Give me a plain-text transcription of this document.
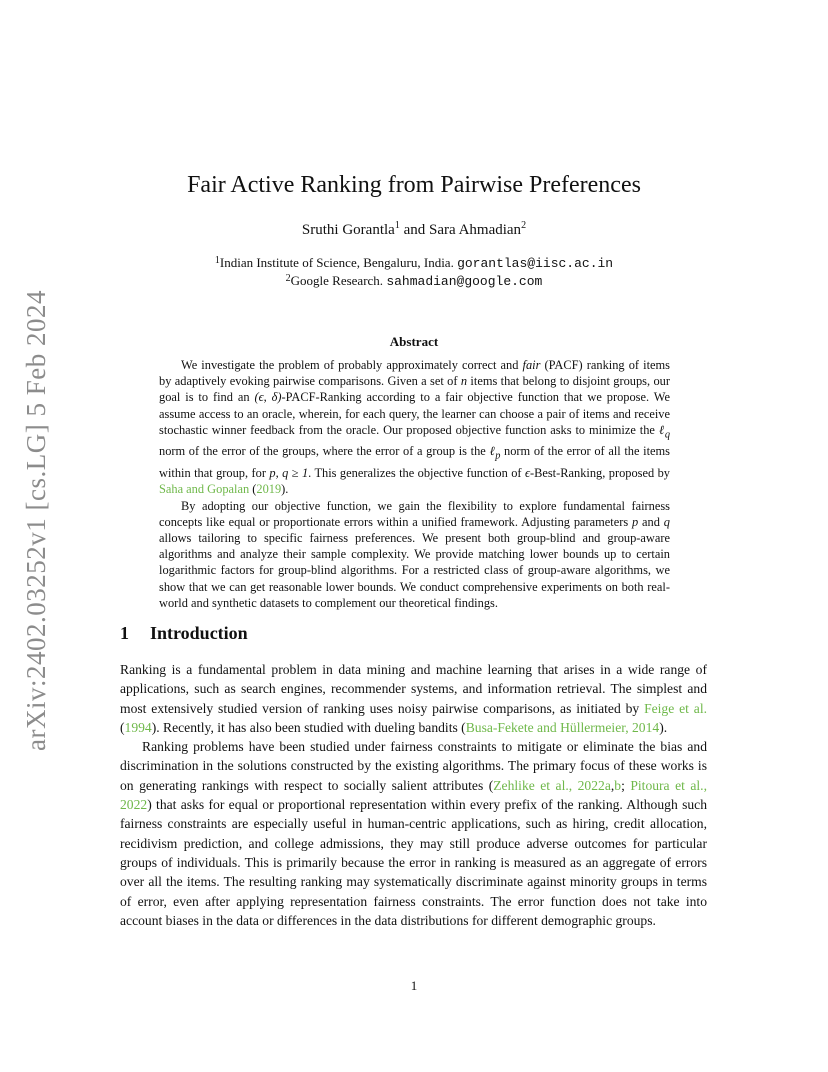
arXiv:2402.03252v1 [cs.LG] 5 Feb 2024
Fair Active Ranking from Pairwise Preferences
Sruthi Gorantla$^1$ and Sara Ahmadian$^2$
$^1$Indian Institute of Science, Bengaluru, India. gorantlas@iisc.ac.in
$^2$Google Research. sahmadian@google.com
Abstract

We investigate the problem of probably approximately correct and fair (PACF) ranking of items by adaptively evoking pairwise comparisons. Given a set of n items that belong to disjoint groups, our goal is to find an (ϵ, δ)-PACF-Ranking according to a fair objective function that we propose. We assume access to an oracle, wherein, for each query, the learner can choose a pair of items and receive stochastic winner feedback from the oracle. Our proposed objective function asks to minimize the ℓ$_q$ norm of the error of the groups, where the error of a group is the ℓ$_p$ norm of the error of all the items within that group, for p, q ≥ 1. This generalizes the objective function of ϵ-Best-Ranking, proposed by Saha and Gopalan (2019).

By adopting our objective function, we gain the flexibility to explore fundamental fairness concepts like equal or proportionate errors within a unified framework. Adjusting parameters p and q allows tailoring to specific fairness preferences. We present both group-blind and group-aware algorithms and analyze their sample complexity. We provide matching lower bounds up to certain logarithmic factors for group-blind algorithms. For a restricted class of group-aware algorithms, we show that we can get reasonable lower bounds. We conduct comprehensive experiments on both real-world and synthetic datasets to complement our theoretical findings.

1 Introduction

Ranking is a fundamental problem in data mining and machine learning that arises in a wide range of applications, such as search engines, recommender systems, and information retrieval. The simplest and most extensively studied version of ranking uses noisy pairwise comparisons, as initiated by Feige et al. (1994). Recently, it has also been studied with dueling bandits (Busa-Fekete and Hüllermeier, 2014).

Ranking problems have been studied under fairness constraints to mitigate or eliminate the bias and discrimination in the solutions constructed by the existing algorithms. The primary focus of these works is on generating rankings with respect to socially salient attributes (Zehlike et al., 2022a,b; Pitoura et al., 2022) that asks for equal or proportional representation within every prefix of the ranking. Although such fairness constraints are especially useful in human-centric applications, such as hiring, credit allocation, recidivism prediction, and college admissions, they may still produce adverse outcomes for particular groups of individuals. This is primarily because the error in ranking is measured as an aggregate of errors over all the items. The resulting ranking may systematically discriminate against minority groups in terms of error, even after applying representation fairness constraints. The error function does not take into account biases in the data or differences in the data distributions for different demographic groups.

1
